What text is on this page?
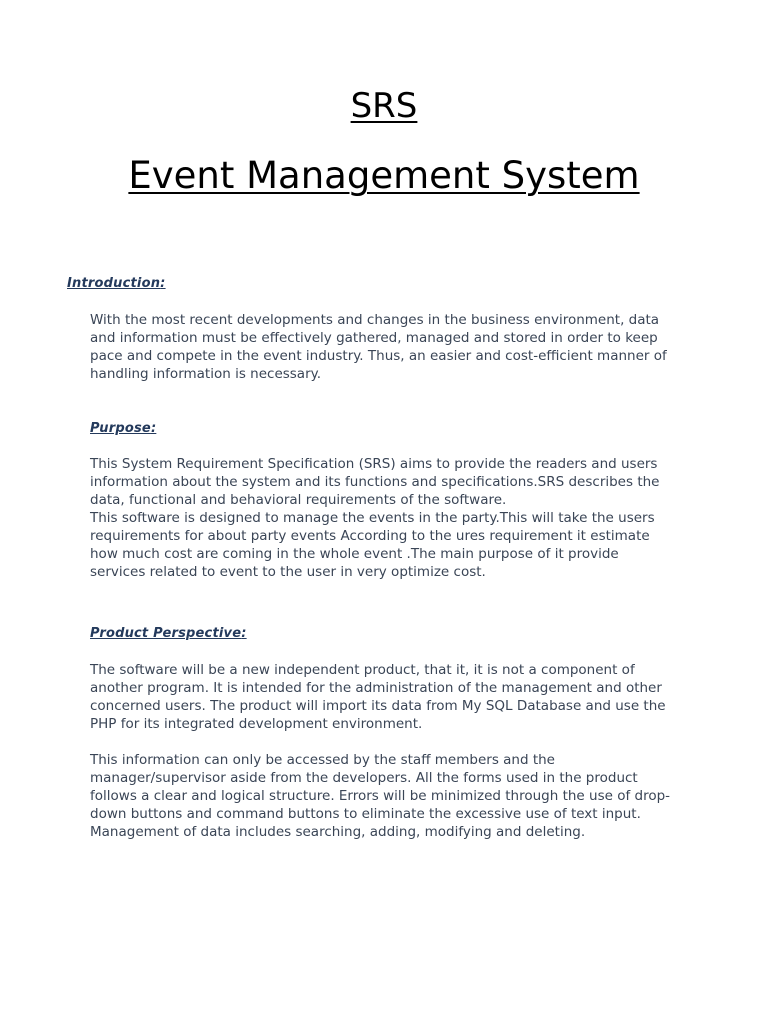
SRS
Event Management System

Introduction:

With the most recent developments and changes in the business environment, data
and information must be effectively gathered, managed and stored in order to keep
pace and compete in the event industry. Thus, an easier and cost-efficient manner of
handling information is necessary.

Purpose:

This System Requirement Specification (SRS) aims to provide the readers and users
information about the system and its functions and specifications.SRS describes the
data, functional and behavioral requirements of the software.
This software is designed to manage the events in the party.This will take the users
requirements for about party events According to the ures requirement it estimate
how much cost are coming in the whole event .The main purpose of it provide
services related to event to the user in very optimize cost.

Product Perspective:

The software will be a new independent product, that it, it is not a component of
another program. It is intended for the administration of the management and other
concerned users. The product will import its data from My SQL Database and use the
PHP for its integrated development environment.

This information can only be accessed by the staff members and the
manager/supervisor aside from the developers. All the forms used in the product
follows a clear and logical structure. Errors will be minimized through the use of drop-
down buttons and command buttons to eliminate the excessive use of text input.
Management of data includes searching, adding, modifying and deleting.
